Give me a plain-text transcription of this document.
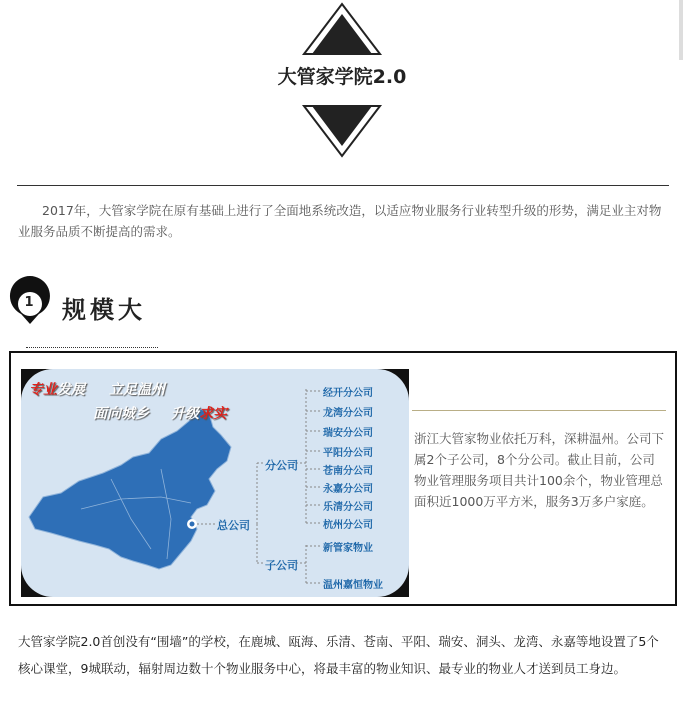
大管家学院2.0
2017年，大管家学院在原有基础上进行了全面地系统改造，以适应物业服务行业转型升级的形势，满足业主对物业服务品质不断提高的需求。
1 规模大
专业发展 立足温州
面向城乡 升级求实
总公司
分公司
子公司
经开分公司
龙湾分公司
瑞安分公司
平阳分公司
苍南分公司
永嘉分公司
乐清分公司
杭州分公司
新管家物业
温州嘉恒物业
浙江大管家物业依托万科，深耕温州。公司下属2个子公司，8个分公司。截止目前，公司物业管理服务项目共计100余个，物业管理总面积近1000万平方米，服务3万多户家庭。
大管家学院2.0首创没有“围墙”的学校，在鹿城、瓯海、乐清、苍南、平阳、瑞安、洞头、龙湾、永嘉等地设置了5个核心课堂，9城联动，辐射周边数十个物业服务中心，将最丰富的物业知识、最专业的物业人才送到员工身边。
